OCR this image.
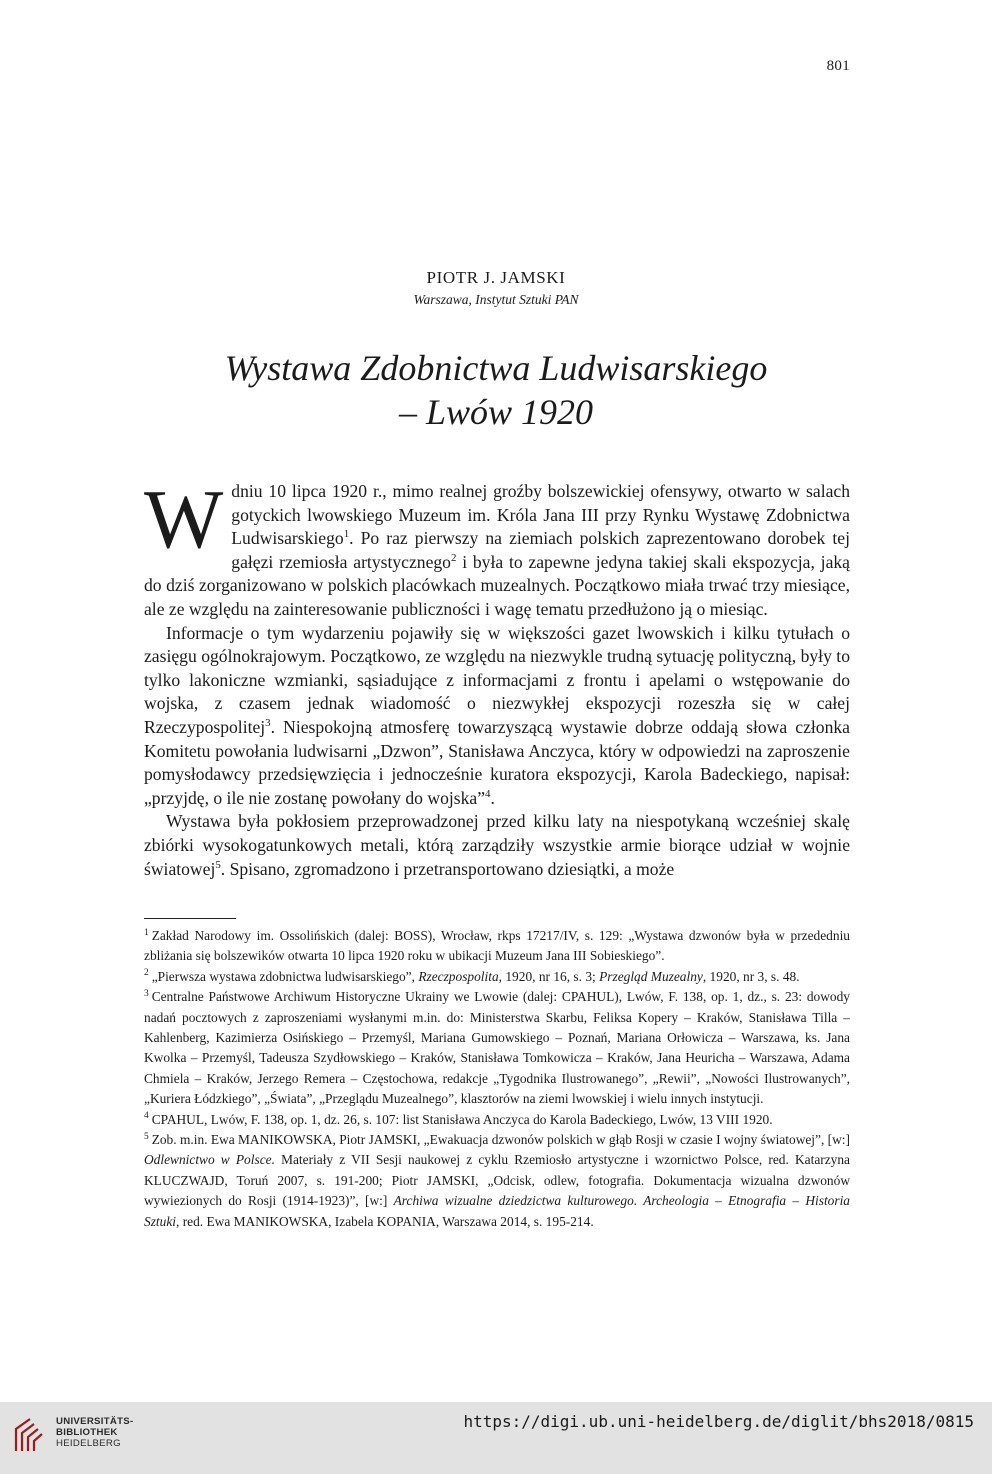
801
PIOTR J. JAMSKI
Warszawa, Instytut Sztuki PAN
Wystawa Zdobnictwa Ludwisarskiego
– Lwów 1920

Wdniu 10 lipca 1920 r., mimo realnej groźby bolszewickiej ofensywy, otwarto w salach gotyckich lwowskiego Muzeum im. Króla Jana III przy Rynku Wystawę Zdobnictwa Ludwisarskiego$^1$. Po raz pierwszy na ziemiach polskich zaprezentowano dorobek tej gałęzi rzemiosła artystycznego$^2$ i była to zapewne jedyna takiej skali ekspozycja, jaką do dziś zorganizowano w polskich placówkach muzealnych. Początkowo miała trwać trzy miesiące, ale ze względu na zainteresowanie publiczności i wagę tematu przedłużono ją o miesiąc.

Informacje o tym wydarzeniu pojawiły się w większości gazet lwowskich i kilku tytułach o zasięgu ogólnokrajowym. Początkowo, ze względu na niezwykle trudną sytuację polityczną, były to tylko lakoniczne wzmianki, sąsiadujące z informacjami z frontu i apelami o wstępowanie do wojska, z czasem jednak wiadomość o niezwykłej ekspozycji rozeszła się w całej Rzeczypospolitej$^3$. Niespokojną atmosferę towarzyszącą wystawie dobrze oddają słowa członka Komitetu powołania ludwisarni „Dzwon”, Stanisława Anczyca, który w odpowiedzi na zaproszenie pomysłodawcy przedsięwzięcia i jednocześnie kuratora ekspozycji, Karola Badeckiego, napisał: „przyjdę, o ile nie zostanę powołany do wojska”$^4$.

Wystawa była pokłosiem przeprowadzonej przed kilku laty na niespotykaną wcześniej skalę zbiórki wysokogatunkowych metali, którą zarządziły wszystkie armie biorące udział w wojnie światowej$^5$. Spisano, zgromadzono i przetransportowano dziesiątki, a może

$^1$ Zakład Narodowy im. Ossolińskich (dalej: BOSS), Wrocław, rkps 17217/IV, s. 129: „Wystawa dzwonów była w przededniu zbliżania się bolszewików otwarta 10 lipca 1920 roku w ubikacji Muzeum Jana III Sobieskiego”.

$^2$ „Pierwsza wystawa zdobnictwa ludwisarskiego”, Rzeczpospolita, 1920, nr 16, s. 3; Przegląd Muzealny, 1920, nr 3, s. 48.

$^3$ Centralne Państwowe Archiwum Historyczne Ukrainy we Lwowie (dalej: CPAHUL), Lwów, F. 138, op. 1, dz., s. 23: dowody nadań pocztowych z zaproszeniami wysłanymi m.in. do: Ministerstwa Skarbu, Feliksa Kopery – Kraków, Stanisława Tilla – Kahlenberg, Kazimierza Osińskiego – Przemyśl, Mariana Gumowskiego – Poznań, Mariana Orłowicza – Warszawa, ks. Jana Kwolka – Przemyśl, Tadeusza Szydłowskiego – Kraków, Stanisława Tomkowicza – Kraków, Jana Heuricha – Warszawa, Adama Chmiela – Kraków, Jerzego Remera – Częstochowa, redakcje „Tygodnika Ilustrowanego”, „Rewii”, „Nowości Ilustrowanych”, „Kuriera Łódzkiego”, „Świata”, „Przeglądu Muzealnego”, klasztorów na ziemi lwowskiej i wielu innych instytucji.

$^4$ CPAHUL, Lwów, F. 138, op. 1, dz. 26, s. 107: list Stanisława Anczyca do Karola Badeckiego, Lwów, 13 VIII 1920.

$^5$ Zob. m.in. Ewa MANIKOWSKA, Piotr JAMSKI, „Ewakuacja dzwonów polskich w głąb Rosji w czasie I wojny światowej”, [w:] Odlewnictwo w Polsce. Materiały z VII Sesji naukowej z cyklu Rzemiosło artystyczne i wzornictwo Polsce, red. Katarzyna KLUCZWAJD, Toruń 2007, s. 191-200; Piotr JAMSKI, „Odcisk, odlew, fotografia. Dokumentacja wizualna dzwonów wywiezionych do Rosji (1914-1923)”, [w:] Archiwa wizualne dziedzictwa kulturowego. Archeologia – Etnografia – Historia Sztuki, red. Ewa MANIKOWSKA, Izabela KOPANIA, Warszawa 2014, s. 195-214.

UNIVERSITÄTS-
BIBLIOTHEK
HEIDELBERG
https://digi.ub.uni-heidelberg.de/diglit/bhs2018/0815
